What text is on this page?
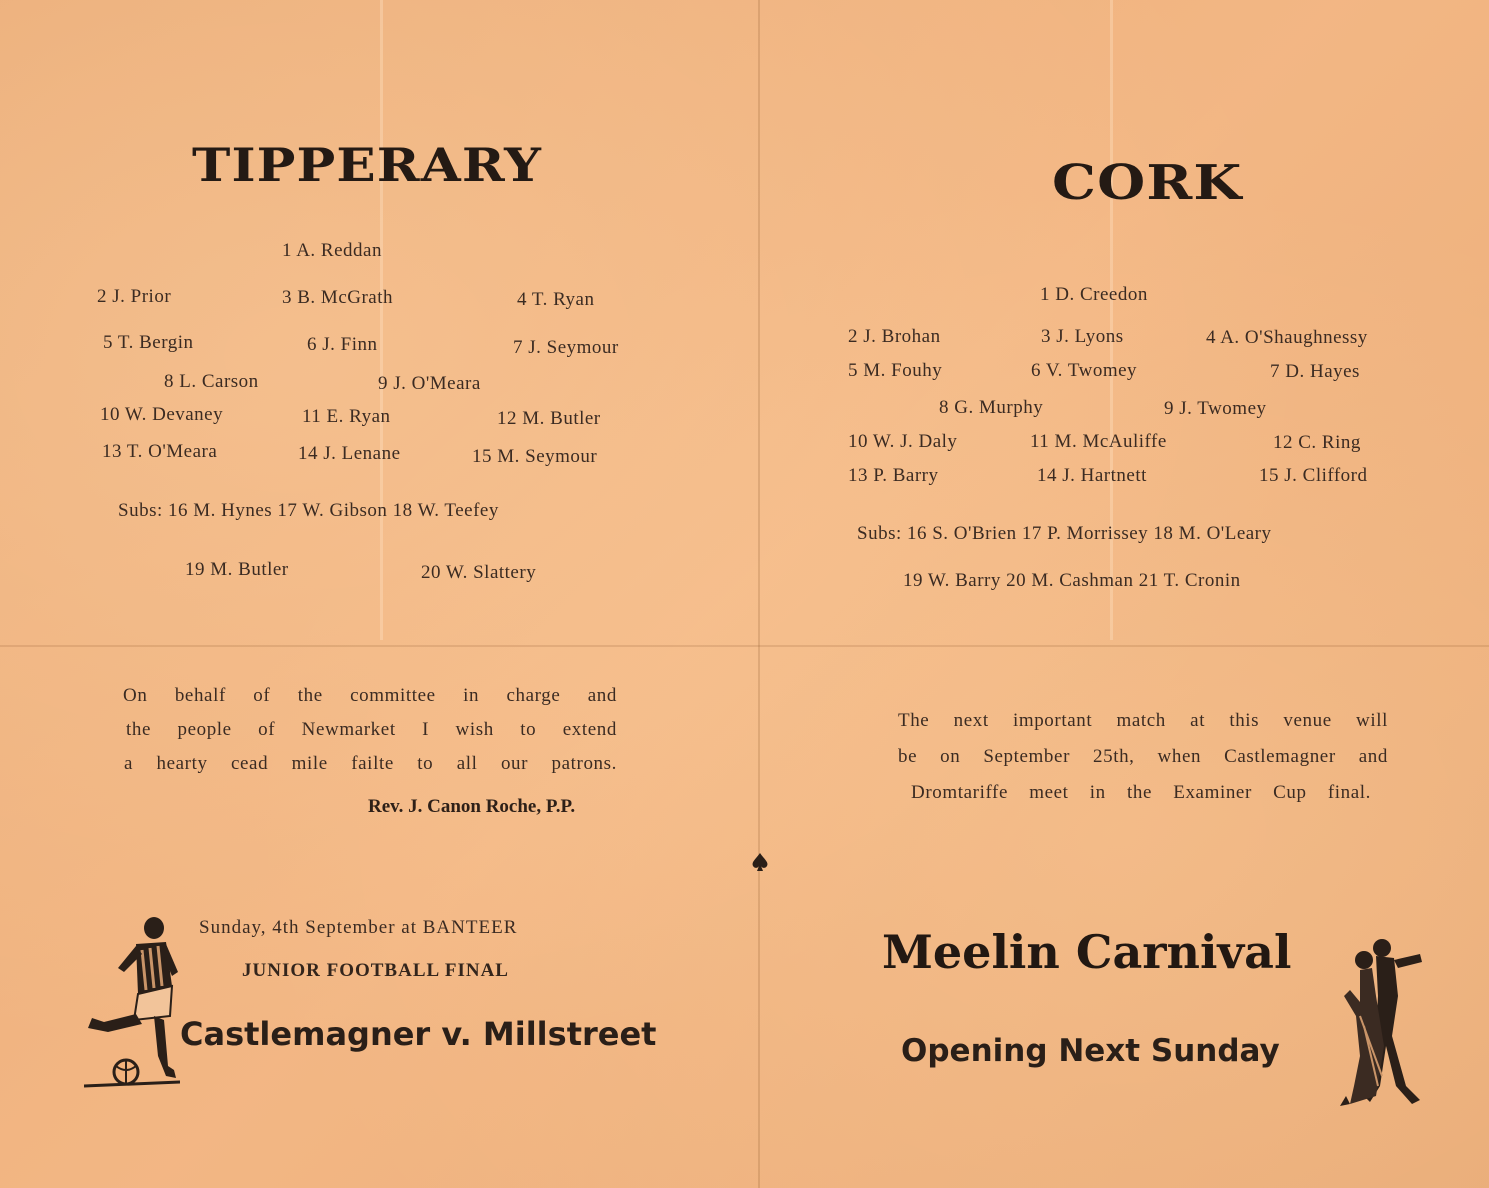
TIPPERARY
1 A. Reddan
2 J. Prior	3 B. McGrath	4 T. Ryan
5 T. Bergin	6 J. Finn	7 J. Seymour
8 L. Carson	9 J. O'Meara
10 W. Devaney	11 E. Ryan	12 M. Butler
13 T. O'Meara	14 J. Lenane	15 M. Seymour
Subs: 16 M. Hynes 17 W. Gibson 18 W. Teefey
19 M. Butler	20 W. Slattery
On behalf of the committee in charge and
the people of Newmarket I wish to extend
a hearty cead mile failte to all our patrons.
Rev. J. Canon Roche, P.P.
Sunday, 4th September at BANTEER
JUNIOR FOOTBALL FINAL
Castlemagner v. Millstreet
CORK
1 D. Creedon
2 J. Brohan	3 J. Lyons	4 A. O'Shaughnessy
5 M. Fouhy	6 V. Twomey	7 D. Hayes
8 G. Murphy	9 J. Twomey
10 W. J. Daly	11 M. McAuliffe	12 C. Ring
13 P. Barry	14 J. Hartnett	15 J. Clifford
Subs: 16 S. O'Brien 17 P. Morrissey 18 M. O'Leary
19 W. Barry 20 M. Cashman 21 T. Cronin
The next important match at this venue will
be on September 25th, when Castlemagner and
Dromtariffe meet in the Examiner Cup final.
Meelin Carnival
Opening Next Sunday
